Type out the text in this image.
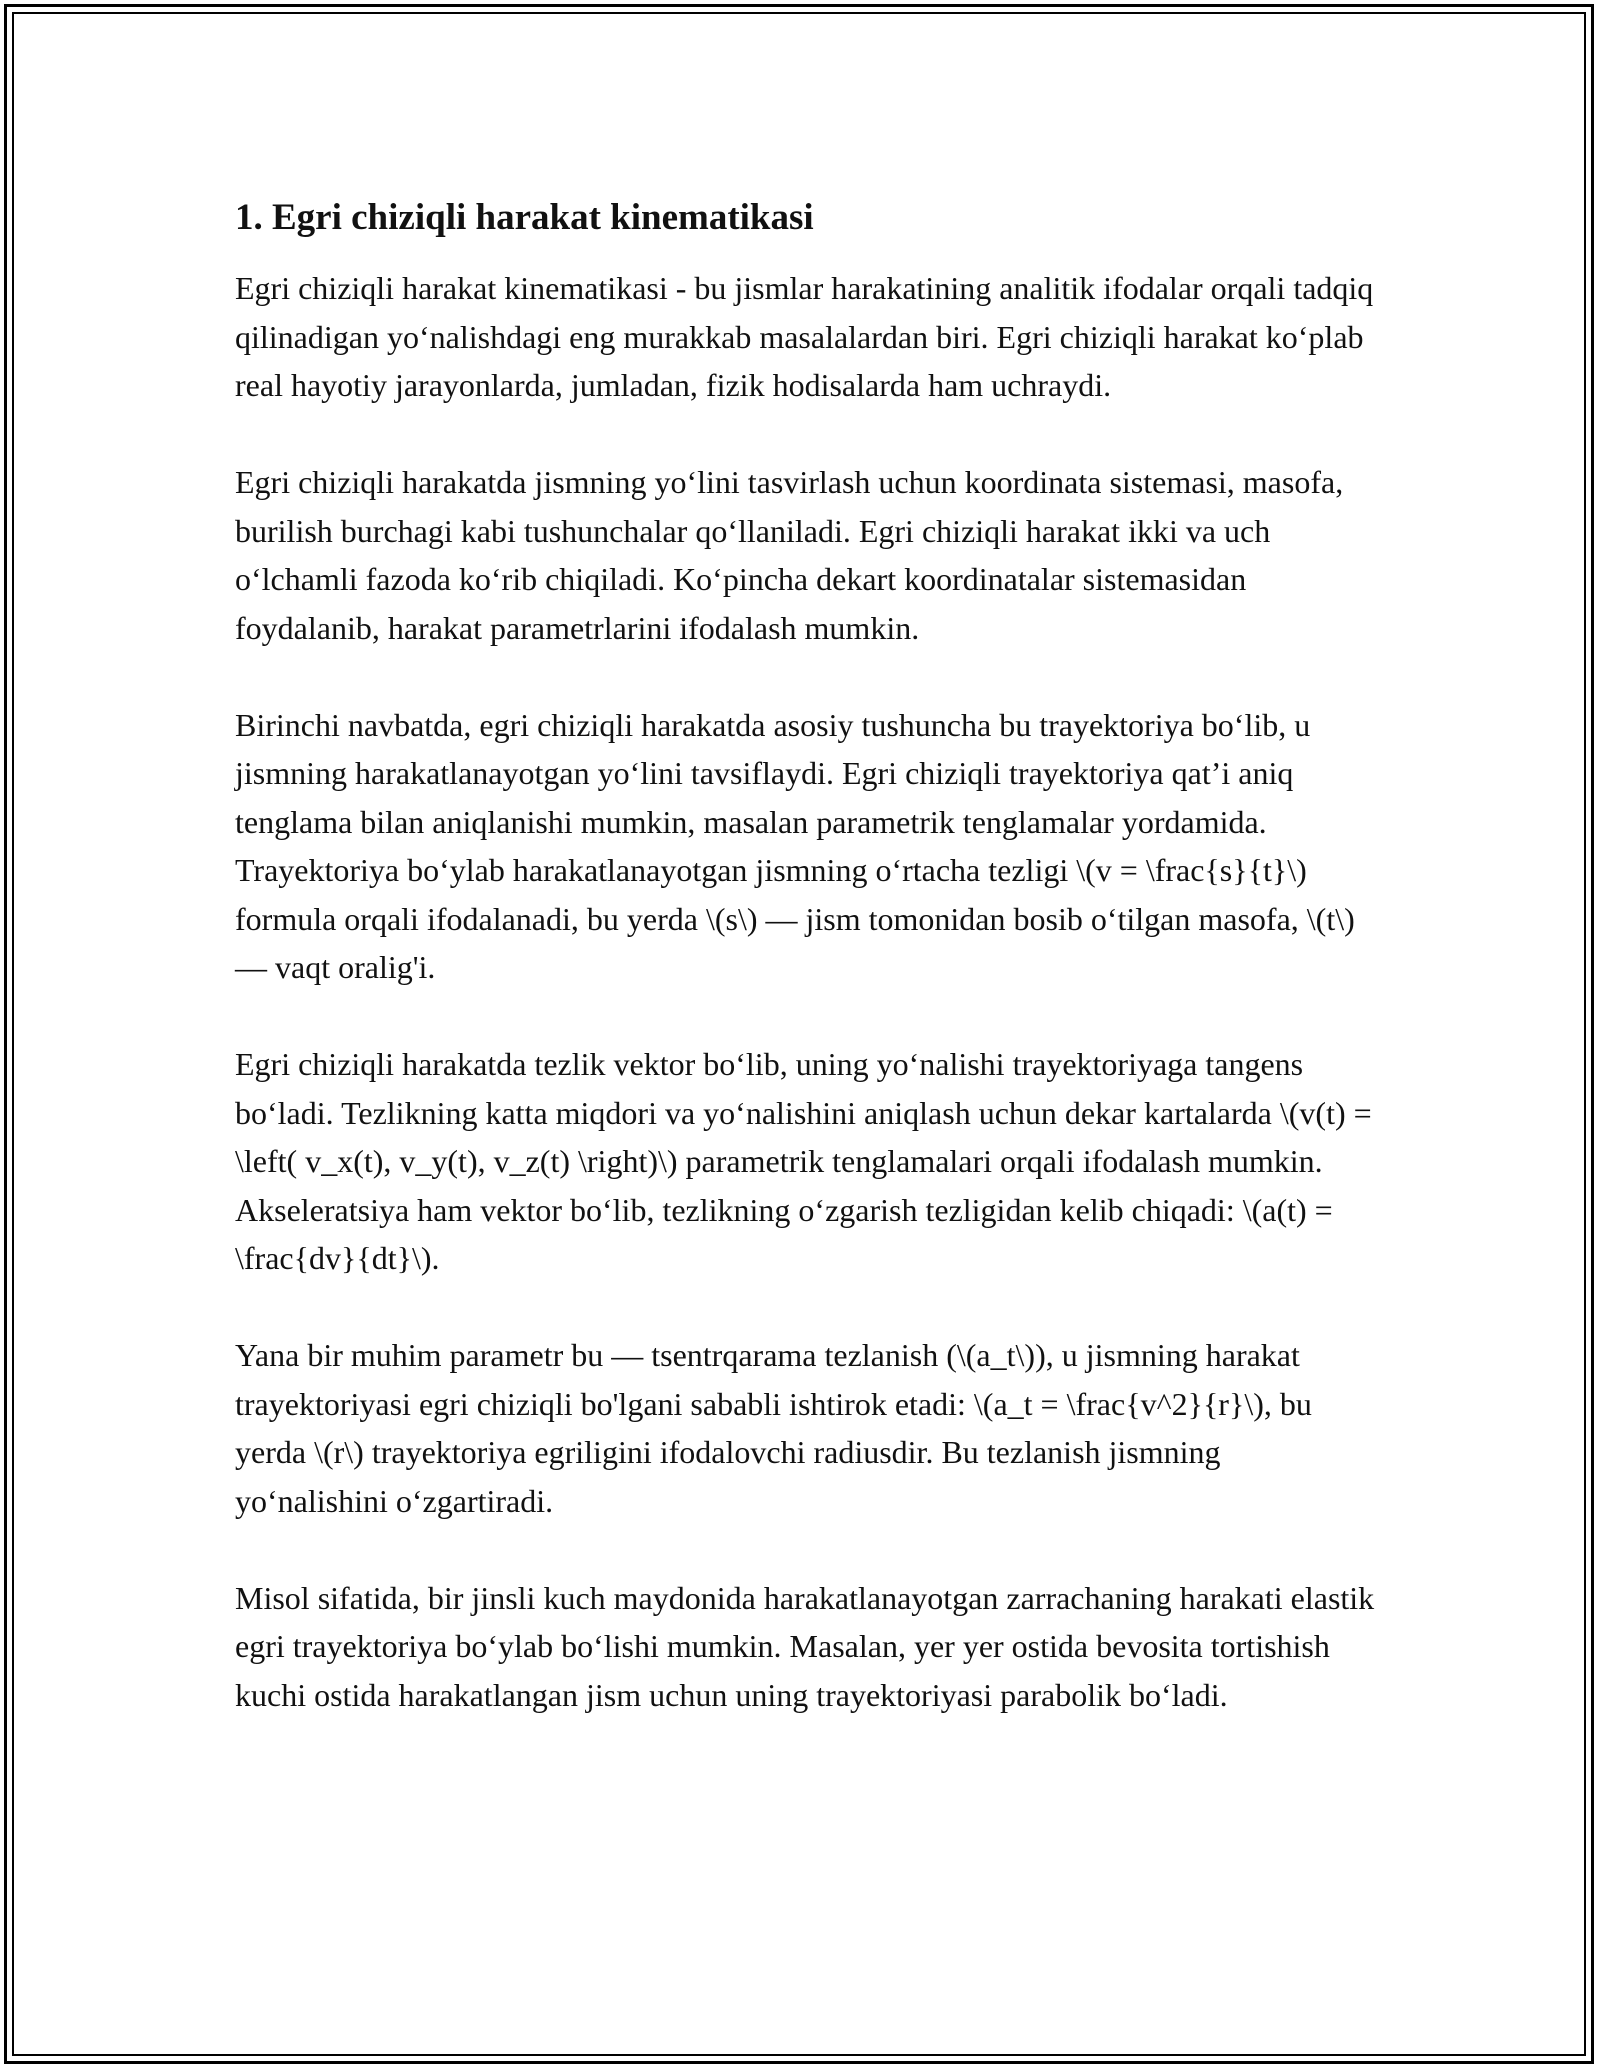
1. Egri chiziqli harakat kinematikasi

Egri chiziqli harakat kinematikasi - bu jismlar harakatining analitik ifodalar orqali tadqiq qilinadigan yo‘nalishdagi eng murakkab masalalardan biri. Egri chiziqli harakat ko‘plab real hayotiy jarayonlarda, jumladan, fizik hodisalarda ham uchraydi.

Egri chiziqli harakatda jismning yo‘lini tasvirlash uchun koordinata sistemasi, masofa, burilish burchagi kabi tushunchalar qo‘llaniladi. Egri chiziqli harakat ikki va uch o‘lchamli fazoda ko‘rib chiqiladi. Ko‘pincha dekart koordinatalar sistemasidan foydalanib, harakat parametrlarini ifodalash mumkin.

Birinchi navbatda, egri chiziqli harakatda asosiy tushuncha bu trayektoriya bo‘lib, u jismning harakatlanayotgan yo‘lini tavsiflaydi. Egri chiziqli trayektoriya qat’i aniq tenglama bilan aniqlanishi mumkin, masalan parametrik tenglamalar yordamida. Trayektoriya bo‘ylab harakatlanayotgan jismning o‘rtacha tezligi \(v = \frac{s}{t}\) formula orqali ifodalanadi, bu yerda \(s\) — jism tomonidan bosib o‘tilgan masofa, \(t\) — vaqt oralig'i.

Egri chiziqli harakatda tezlik vektor bo‘lib, uning yo‘nalishi trayektoriyaga tangens bo‘ladi. Tezlikning katta miqdori va yo‘nalishini aniqlash uchun dekar kartalarda \(v(t) = \left( v_x(t), v_y(t), v_z(t) \right)\) parametrik tenglamalari orqali ifodalash mumkin. Akseleratsiya ham vektor bo‘lib, tezlikning o‘zgarish tezligidan kelib chiqadi: \(a(t) = \frac{dv}{dt}\).

Yana bir muhim parametr bu — tsentrqarama tezlanish (\(a_t\)), u jismning harakat trayektoriyasi egri chiziqli bo'lgani sababli ishtirok etadi: \(a_t = \frac{v^2}{r}\), bu yerda \(r\) trayektoriya egriligini ifodalovchi radiusdir. Bu tezlanish jismning yo‘nalishini o‘zgartiradi.

Misol sifatida, bir jinsli kuch maydonida harakatlanayotgan zarrachaning harakati elastik egri trayektoriya bo‘ylab bo‘lishi mumkin. Masalan, yer yer ostida bevosita tortishish kuchi ostida harakatlangan jism uchun uning trayektoriyasi parabolik bo‘ladi.
